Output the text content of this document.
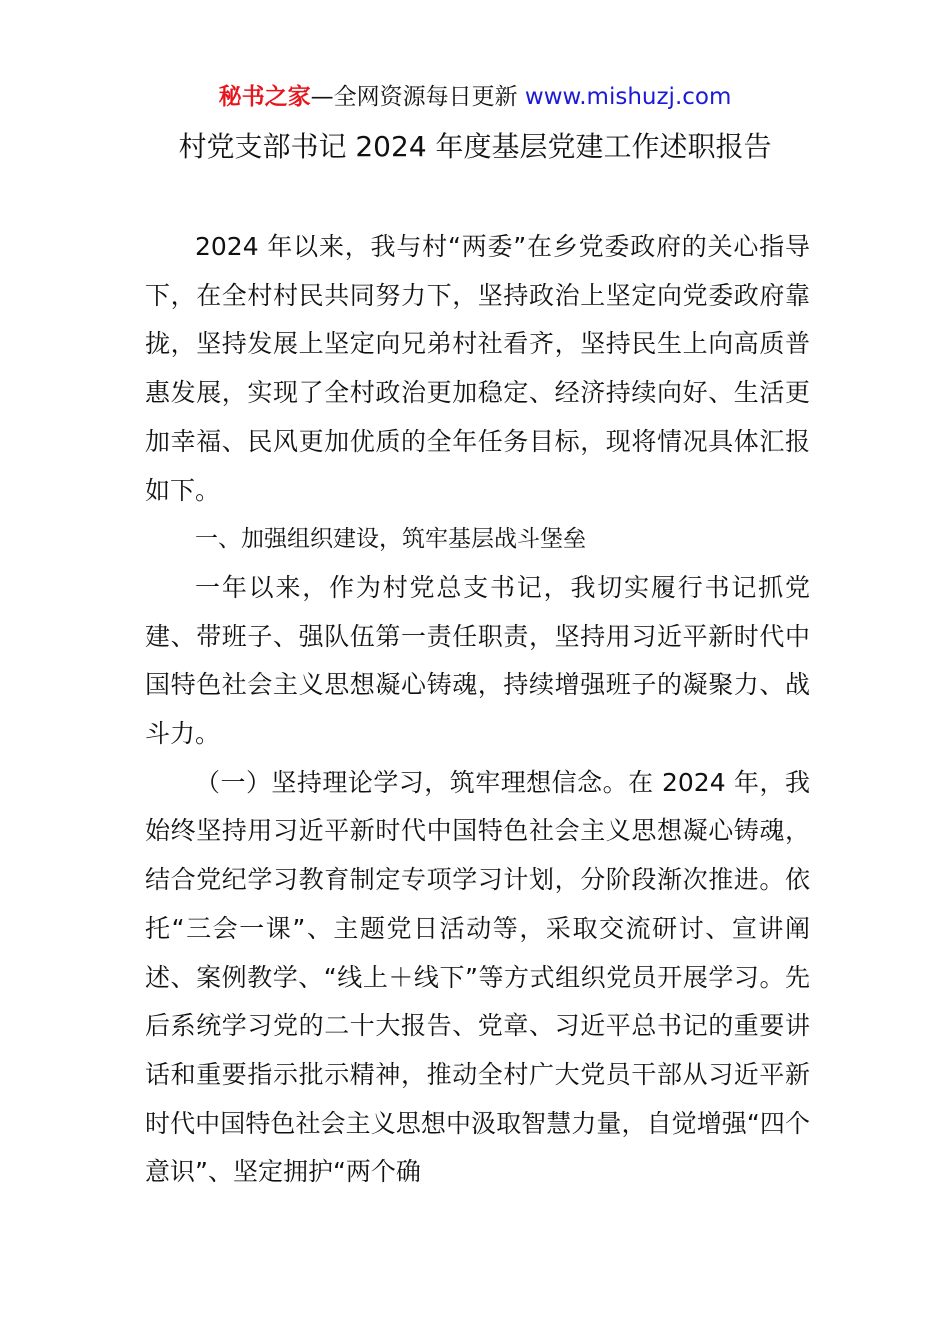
秘书之家—全网资源每日更新 www.mishuzj.com
村党支部书记 2024 年度基层党建工作述职报告

2024 年以来，我与村“两委”在乡党委政府的关心指导下，在全村村民共同努力下，坚持政治上坚定向党委政府靠拢，坚持发展上坚定向兄弟村社看齐，坚持民生上向高质普惠发展，实现了全村政治更加稳定、经济持续向好、生活更加幸福、民风更加优质的全年任务目标，现将情况具体汇报如下。

一、加强组织建设，筑牢基层战斗堡垒

一年以来，作为村党总支书记，我切实履行书记抓党建、带班子、强队伍第一责任职责，坚持用习近平新时代中国特色社会主义思想凝心铸魂，持续增强班子的凝聚力、战斗力。

（一）坚持理论学习，筑牢理想信念。在 2024 年，我始终坚持用习近平新时代中国特色社会主义思想凝心铸魂，结合党纪学习教育制定专项学习计划，分阶段渐次推进。依托“三会一课”、主题党日活动等，采取交流研讨、宣讲阐述、案例教学、“线上＋线下”等方式组织党员开展学习。先后系统学习党的二十大报告、党章、习近平总书记的重要讲话和重要指示批示精神，推动全村广大党员干部从习近平新时代中国特色社会主义思想中汲取智慧力量，自觉增强“四个意识”、坚定拥护“两个确
